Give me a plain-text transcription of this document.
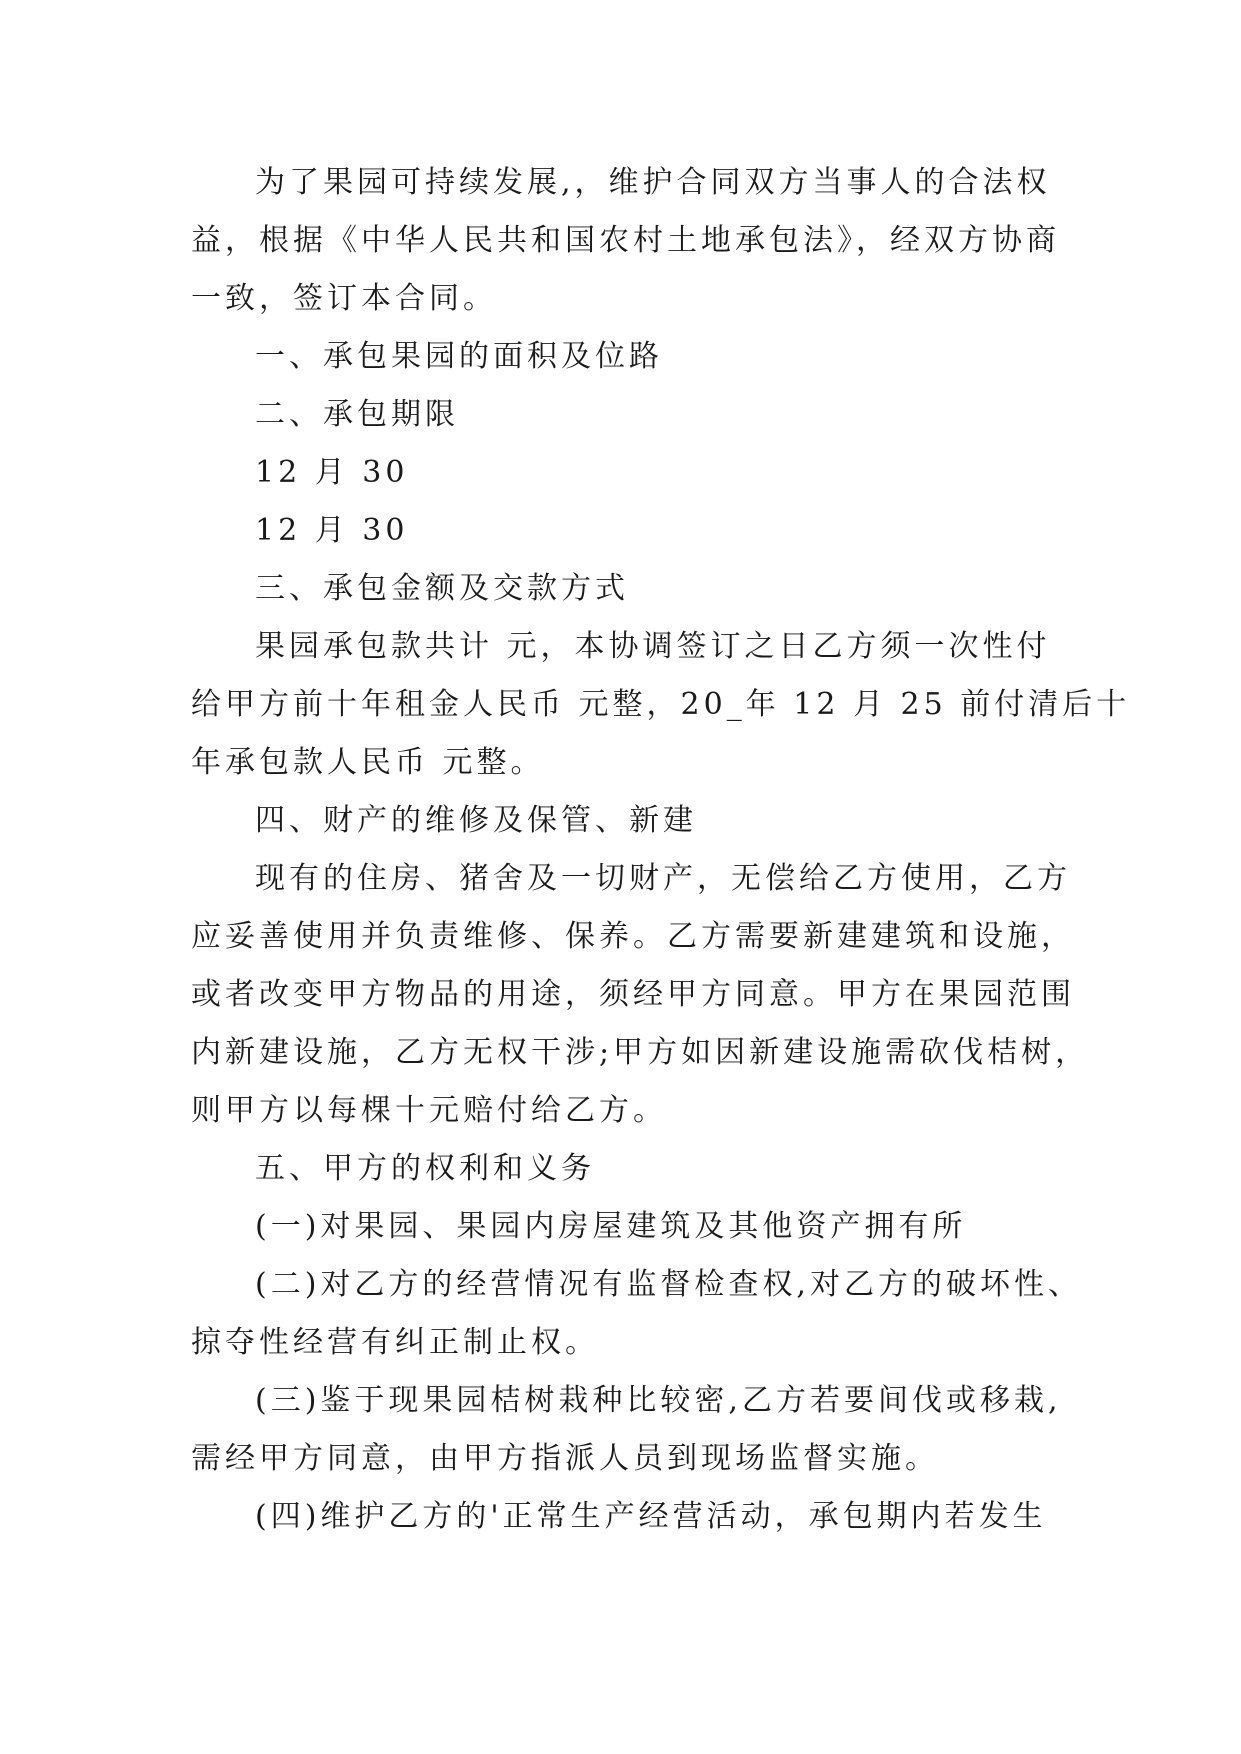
为了果园可持续发展,，维护合同双方当事人的合法权
益，根据《中华人民共和国农村土地承包法》，经双方协商
一致，签订本合同。
一、承包果园的面积及位路
二、承包期限
12 月 30
12 月 30
三、承包金额及交款方式
果园承包款共计 元，本协调签订之日乙方须一次性付
给甲方前十年租金人民币 元整，20_年 12 月 25 前付清后十
年承包款人民币 元整。
四、财产的维修及保管、新建
现有的住房、猪舍及一切财产，无偿给乙方使用，乙方
应妥善使用并负责维修、保养。乙方需要新建建筑和设施，
或者改变甲方物品的用途，须经甲方同意。甲方在果园范围
内新建设施，乙方无权干涉;甲方如因新建设施需砍伐桔树，
则甲方以每棵十元赔付给乙方。
五、甲方的权利和义务
(一)对果园、果园内房屋建筑及其他资产拥有所
(二)对乙方的经营情况有监督检查权,对乙方的破坏性、
掠夺性经营有纠正制止权。
(三)鉴于现果园桔树栽种比较密,乙方若要间伐或移栽,
需经甲方同意，由甲方指派人员到现场监督实施。
(四)维护乙方的'正常生产经营活动，承包期内若发生
